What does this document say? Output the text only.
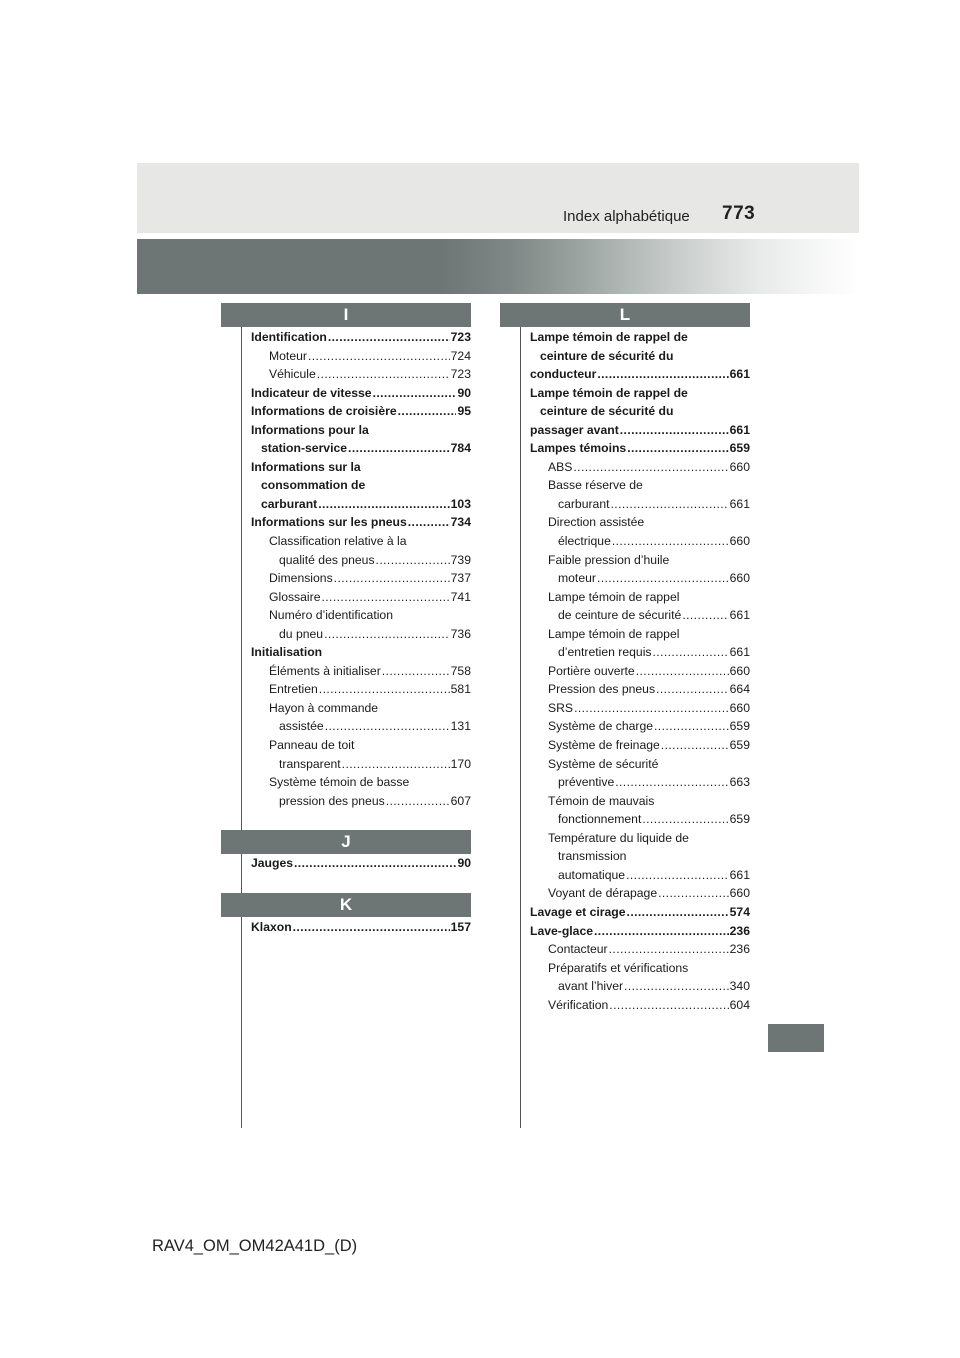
Index alphabétique 773
I
Identification .....	723
Moteur .....	724
Véhicule .....	723
Indicateur de vitesse .....	90
Informations de croisière .....	95
Informations pour la
station-service .....	784
Informations sur la
consommation de
carburant .....	103
Informations sur les pneus .....	734
Classification relative à la
qualité des pneus .....	739
Dimensions .....	737
Glossaire .....	741
Numéro d’identification
du pneu .....	736
Initialisation
Éléments à initialiser .....	758
Entretien .....	581
Hayon à commande
assistée .....	131
Panneau de toit
transparent .....	170
Système témoin de basse
pression des pneus .....	607
J
Jauges .....	90
K
Klaxon .....	157
L
Lampe témoin de rappel de
ceinture de sécurité du
conducteur .....	661
Lampe témoin de rappel de
ceinture de sécurité du
passager avant .....	661
Lampes témoins .....	659
ABS .....	660
Basse réserve de
carburant .....	661
Direction assistée
électrique .....	660
Faible pression d’huile
moteur .....	660
Lampe témoin de rappel
de ceinture de sécurité .....	661
Lampe témoin de rappel
d’entretien requis .....	661
Portière ouverte .....	660
Pression des pneus .....	664
SRS .....	660
Système de charge .....	659
Système de freinage .....	659
Système de sécurité
préventive .....	663
Témoin de mauvais
fonctionnement .....	659
Température du liquide de
transmission
automatique .....	661
Voyant de dérapage .....	660
Lavage et cirage .....	574
Lave-glace .....	236
Contacteur .....	236
Préparatifs et vérifications
avant l’hiver .....	340
Vérification .....	604
RAV4_OM_OM42A41D_(D)
